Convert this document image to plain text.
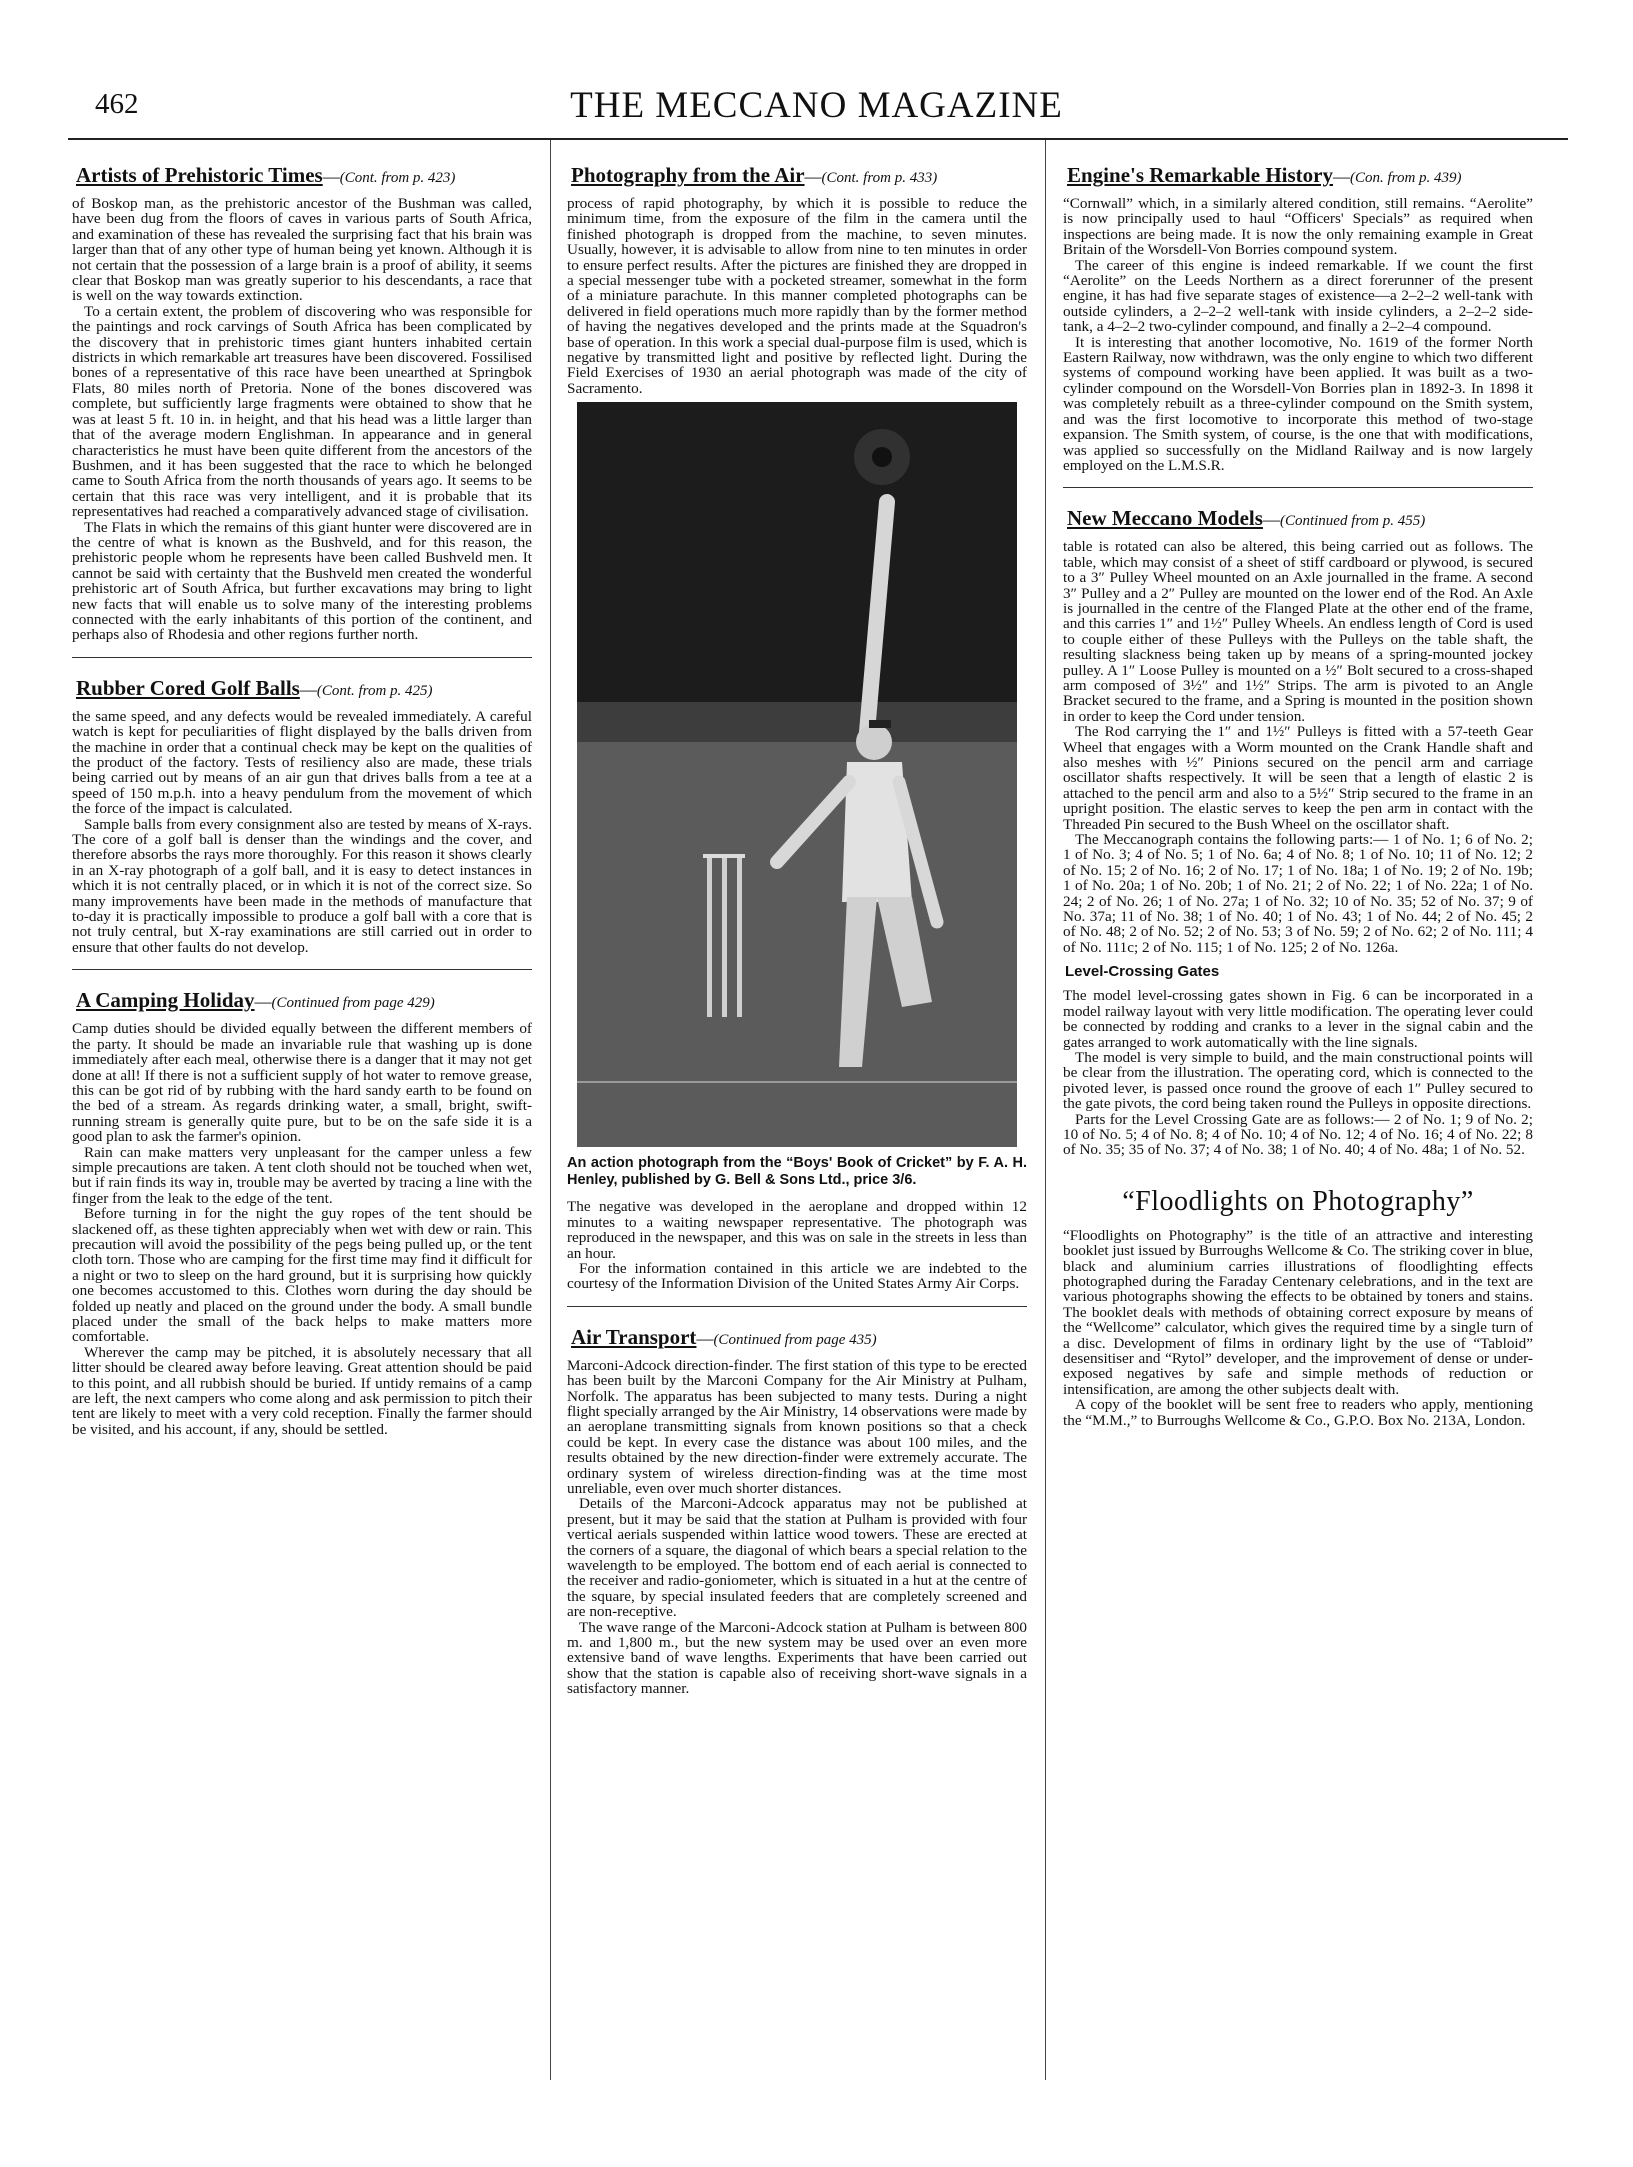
462	THE MECCANO MAGAZINE
Artists of Prehistoric Times—(Cont. from p. 423)

of Boskop man, as the prehistoric ancestor of the Bushman was called, have been dug from the floors of caves in various parts of South Africa, and examination of these has revealed the surprising fact that his brain was larger than that of any other type of human being yet known. Although it is not certain that the possession of a large brain is a proof of ability, it seems clear that Boskop man was greatly superior to his descendants, a race that is well on the way towards extinction.

To a certain extent, the problem of discovering who was responsible for the paintings and rock carvings of South Africa has been complicated by the discovery that in prehistoric times giant hunters inhabited certain districts in which remarkable art treasures have been discovered. Fossilised bones of a representative of this race have been unearthed at Springbok Flats, 80 miles north of Pretoria. None of the bones discovered was complete, but sufficiently large fragments were obtained to show that he was at least 5 ft. 10 in. in height, and that his head was a little larger than that of the average modern Englishman. In appearance and in general characteristics he must have been quite different from the ancestors of the Bushmen, and it has been suggested that the race to which he belonged came to South Africa from the north thousands of years ago. It seems to be certain that this race was very intelligent, and it is probable that its representatives had reached a comparatively advanced stage of civilisation.

The Flats in which the remains of this giant hunter were discovered are in the centre of what is known as the Bushveld, and for this reason, the prehistoric people whom he represents have been called Bushveld men. It cannot be said with certainty that the Bushveld men created the wonderful prehistoric art of South Africa, but further excavations may bring to light new facts that will enable us to solve many of the interesting problems connected with the early inhabitants of this portion of the continent, and perhaps also of Rhodesia and other regions further north.

Rubber Cored Golf Balls—(Cont. from p. 425)

the same speed, and any defects would be revealed immediately. A careful watch is kept for peculiarities of flight displayed by the balls driven from the machine in order that a continual check may be kept on the qualities of the product of the factory. Tests of resiliency also are made, these trials being carried out by means of an air gun that drives balls from a tee at a speed of 150 m.p.h. into a heavy pendulum from the movement of which the force of the impact is calculated.

Sample balls from every consignment also are tested by means of X-rays. The core of a golf ball is denser than the windings and the cover, and therefore absorbs the rays more thoroughly. For this reason it shows clearly in an X-ray photograph of a golf ball, and it is easy to detect instances in which it is not centrally placed, or in which it is not of the correct size. So many improvements have been made in the methods of manufacture that to-day it is practically impossible to produce a golf ball with a core that is not truly central, but X-ray examinations are still carried out in order to ensure that other faults do not develop.

A Camping Holiday—(Continued from page 429)

Camp duties should be divided equally between the different members of the party. It should be made an invariable rule that washing up is done immediately after each meal, otherwise there is a danger that it may not get done at all! If there is not a sufficient supply of hot water to remove grease, this can be got rid of by rubbing with the hard sandy earth to be found on the bed of a stream. As regards drinking water, a small, bright, swift-running stream is generally quite pure, but to be on the safe side it is a good plan to ask the farmer's opinion.

Rain can make matters very unpleasant for the camper unless a few simple precautions are taken. A tent cloth should not be touched when wet, but if rain finds its way in, trouble may be averted by tracing a line with the finger from the leak to the edge of the tent.

Before turning in for the night the guy ropes of the tent should be slackened off, as these tighten appreciably when wet with dew or rain. This precaution will avoid the possibility of the pegs being pulled up, or the tent cloth torn. Those who are camping for the first time may find it difficult for a night or two to sleep on the hard ground, but it is surprising how quickly one becomes accustomed to this. Clothes worn during the day should be folded up neatly and placed on the ground under the body. A small bundle placed under the small of the back helps to make matters more comfortable.

Wherever the camp may be pitched, it is absolutely necessary that all litter should be cleared away before leaving. Great attention should be paid to this point, and all rubbish should be buried. If untidy remains of a camp are left, the next campers who come along and ask permission to pitch their tent are likely to meet with a very cold reception. Finally the farmer should be visited, and his account, if any, should be settled.

Photography from the Air—(Cont. from p. 433)

process of rapid photography, by which it is possible to reduce the minimum time, from the exposure of the film in the camera until the finished photograph is dropped from the machine, to seven minutes. Usually, however, it is advisable to allow from nine to ten minutes in order to ensure perfect results. After the pictures are finished they are dropped in a special messenger tube with a pocketed streamer, somewhat in the form of a miniature parachute. In this manner completed photographs can be delivered in field operations much more rapidly than by the former method of having the negatives developed and the prints made at the Squadron's base of operation. In this work a special dual-purpose film is used, which is negative by transmitted light and positive by reflected light. During the Field Exercises of 1930 an aerial photograph was made of the city of Sacramento.

An action photograph from the “Boys' Book of Cricket” by F. A. H. Henley, published by G. Bell & Sons Ltd., price 3/6.

The negative was developed in the aeroplane and dropped within 12 minutes to a waiting newspaper representative. The photograph was reproduced in the newspaper, and this was on sale in the streets in less than an hour.

For the information contained in this article we are indebted to the courtesy of the Information Division of the United States Army Air Corps.

Air Transport—(Continued from page 435)

Marconi-Adcock direction-finder. The first station of this type to be erected has been built by the Marconi Company for the Air Ministry at Pulham, Norfolk. The apparatus has been subjected to many tests. During a night flight specially arranged by the Air Ministry, 14 observations were made by an aeroplane transmitting signals from known positions so that a check could be kept. In every case the distance was about 100 miles, and the results obtained by the new direction-finder were extremely accurate. The ordinary system of wireless direction-finding was at the time most unreliable, even over much shorter distances.

Details of the Marconi-Adcock apparatus may not be published at present, but it may be said that the station at Pulham is provided with four vertical aerials suspended within lattice wood towers. These are erected at the corners of a square, the diagonal of which bears a special relation to the wavelength to be employed. The bottom end of each aerial is connected to the receiver and radio-goniometer, which is situated in a hut at the centre of the square, by special insulated feeders that are completely screened and are non-receptive.

The wave range of the Marconi-Adcock station at Pulham is between 800 m. and 1,800 m., but the new system may be used over an even more extensive band of wave lengths. Experiments that have been carried out show that the station is capable also of receiving short-wave signals in a satisfactory manner.

Engine's Remarkable History—(Con. from p. 439)

“Cornwall” which, in a similarly altered condition, still remains. “Aerolite” is now principally used to haul “Officers' Specials” as required when inspections are being made. It is now the only remaining example in Great Britain of the Worsdell-Von Borries compound system.

The career of this engine is indeed remarkable. If we count the first “Aerolite” on the Leeds Northern as a direct forerunner of the present engine, it has had five separate stages of existence—a 2–2–2 well-tank with outside cylinders, a 2–2–2 well-tank with inside cylinders, a 2–2–2 side-tank, a 4–2–2 two-cylinder compound, and finally a 2–2–4 compound.

It is interesting that another locomotive, No. 1619 of the former North Eastern Railway, now withdrawn, was the only engine to which two different systems of compound working have been applied. It was built as a two-cylinder compound on the Worsdell-Von Borries plan in 1892-3. In 1898 it was completely rebuilt as a three-cylinder compound on the Smith system, and was the first locomotive to incorporate this method of two-stage expansion. The Smith system, of course, is the one that with modifications, was applied so successfully on the Midland Railway and is now largely employed on the L.M.S.R.

New Meccano Models—(Continued from p. 455)

table is rotated can also be altered, this being carried out as follows. The table, which may consist of a sheet of stiff cardboard or plywood, is secured to a 3″ Pulley Wheel mounted on an Axle journalled in the frame. A second 3″ Pulley and a 2″ Pulley are mounted on the lower end of the Rod. An Axle is journalled in the centre of the Flanged Plate at the other end of the frame, and this carries 1″ and 1½″ Pulley Wheels. An endless length of Cord is used to couple either of these Pulleys with the Pulleys on the table shaft, the resulting slackness being taken up by means of a spring-mounted jockey pulley. A 1″ Loose Pulley is mounted on a ½″ Bolt secured to a cross-shaped arm composed of 3½″ and 1½″ Strips. The arm is pivoted to an Angle Bracket secured to the frame, and a Spring is mounted in the position shown in order to keep the Cord under tension.

The Rod carrying the 1″ and 1½″ Pulleys is fitted with a 57-teeth Gear Wheel that engages with a Worm mounted on the Crank Handle shaft and also meshes with ½″ Pinions secured on the pencil arm and carriage oscillator shafts respectively. It will be seen that a length of elastic 2 is attached to the pencil arm and also to a 5½″ Strip secured to the frame in an upright position. The elastic serves to keep the pen arm in contact with the Threaded Pin secured to the Bush Wheel on the oscillator shaft.

The Meccanograph contains the following parts:— 1 of No. 1; 6 of No. 2; 1 of No. 3; 4 of No. 5; 1 of No. 6a; 4 of No. 8; 1 of No. 10; 11 of No. 12; 2 of No. 15; 2 of No. 16; 2 of No. 17; 1 of No. 18a; 1 of No. 19; 2 of No. 19b; 1 of No. 20a; 1 of No. 20b; 1 of No. 21; 2 of No. 22; 1 of No. 22a; 1 of No. 24; 2 of No. 26; 1 of No. 27a; 1 of No. 32; 10 of No. 35; 52 of No. 37; 9 of No. 37a; 11 of No. 38; 1 of No. 40; 1 of No. 43; 1 of No. 44; 2 of No. 45; 2 of No. 48; 2 of No. 52; 2 of No. 53; 3 of No. 59; 2 of No. 62; 2 of No. 111; 4 of No. 111c; 2 of No. 115; 1 of No. 125; 2 of No. 126a.

Level-Crossing Gates

The model level-crossing gates shown in Fig. 6 can be incorporated in a model railway layout with very little modification. The operating lever could be connected by rodding and cranks to a lever in the signal cabin and the gates arranged to work automatically with the line signals.

The model is very simple to build, and the main constructional points will be clear from the illustration. The operating cord, which is connected to the pivoted lever, is passed once round the groove of each 1″ Pulley secured to the gate pivots, the cord being taken round the Pulleys in opposite directions.

Parts for the Level Crossing Gate are as follows:— 2 of No. 1; 9 of No. 2; 10 of No. 5; 4 of No. 8; 4 of No. 10; 4 of No. 12; 4 of No. 16; 4 of No. 22; 8 of No. 35; 35 of No. 37; 4 of No. 38; 1 of No. 40; 4 of No. 48a; 1 of No. 52.

“Floodlights on Photography”

“Floodlights on Photography” is the title of an attractive and interesting booklet just issued by Burroughs Wellcome & Co. The striking cover in blue, black and aluminium carries illustrations of floodlighting effects photographed during the Faraday Centenary celebrations, and in the text are various photographs showing the effects to be obtained by toners and stains. The booklet deals with methods of obtaining correct exposure by means of the “Wellcome” calculator, which gives the required time by a single turn of a disc. Development of films in ordinary light by the use of “Tabloid” desensitiser and “Rytol” developer, and the improvement of dense or under-exposed negatives by safe and simple methods of reduction or intensification, are among the other subjects dealt with.

A copy of the booklet will be sent free to readers who apply, mentioning the “M.M.,” to Burroughs Wellcome & Co., G.P.O. Box No. 213A, London.
